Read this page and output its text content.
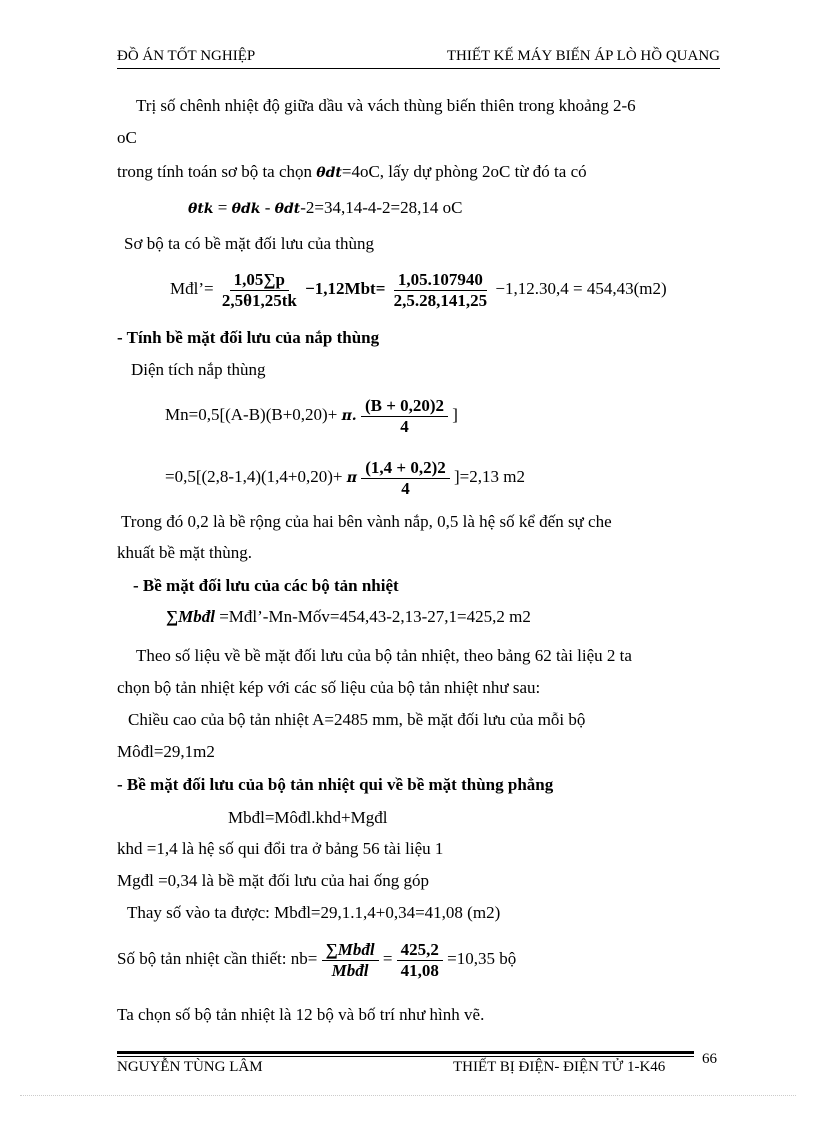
ĐỒ ÁN TỐT NGHIỆP	THIẾT KẾ MÁY BIẾN ÁP LÒ HỒ QUANG
Trị số chênh nhiệt độ giữa dầu và vách thùng biến thiên trong khoảng 2-6
oC
trong tính toán sơ bộ ta chọn θdt=4oC, lấy dự phòng 2oC từ đó ta có
θtk = θdk - θdt-2=34,14-4-2=28,14 oC
Sơ bộ ta có bề mặt đối lưu của thùng
Mđl’= $\frac{1,05\sum p}{2,5\theta 1,25tk} -1,12Mbt= \frac{1,05.107940}{2,5.28,141,25} -1,12.30,4 = 454,43(m2)$
- Tính bề mặt đối lưu của nắp thùng
Diện tích nắp thùng
Mn=0,5[(A-B)(B+0,20)+ π. $\frac{(B + 0,20)2}{4}$ ]
=0,5[(2,8-1,4)(1,4+0,20)+ π $\frac{(1,4 + 0,2)2}{4} ]=2,13$ m2
Trong đó 0,2 là bề rộng của hai bên vành nắp, 0,5 là hệ số kể đến sự che
khuất bề mặt thùng.
- Bề mặt đối lưu của các bộ tản nhiệt
∑Mbđl =Mđl’-Mn-Mốv=454,43-2,13-27,1=425,2 m2
Theo số liệu về bề mặt đối lưu của bộ tản nhiệt, theo bảng 62 tài liệu 2 ta
chọn bộ tản nhiệt kép với các số liệu của bộ tản nhiệt như sau:
Chiều cao của bộ tản nhiệt A=2485 mm, bề mặt đối lưu của mỗi bộ
Môđl=29,1m2
- Bề mặt đối lưu của bộ tản nhiệt qui về bề mặt thùng phẳng
Mbđl=Môđl.khd+Mgđl
khd =1,4 là hệ số qui đổi tra ở bảng 56 tài liệu 1
Mgđl =0,34 là bề mặt đối lưu của hai ống góp
Thay số vào ta được: Mbđl=29,1.1,4+0,34=41,08 (m2)
Số bộ tản nhiệt cần thiết: $nb= \frac{\text{∑Mbđl}}{\text{Mbđl}} = \frac{425,2}{41,08} =10,35$ bộ
Ta chọn số bộ tản nhiệt là 12 bộ và bố trí như hình vẽ.
NGUYỄN TÙNG LÂM	THIẾT BỊ ĐIỆN- ĐIỆN TỬ 1-K46 66
